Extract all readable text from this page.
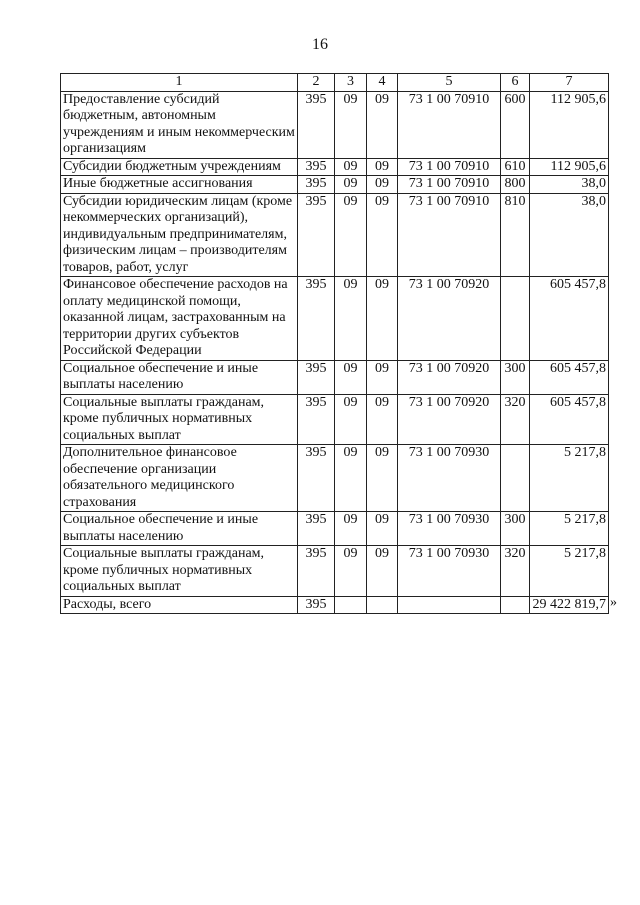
16
1	2	3	4	5	6	7
Предоставление субсидий бюджетным, автономным учреждениям и иным некоммерческим организациям	395	09	09	73 1 00 70910	600	112 905,6
Субсидии бюджетным учреждениям	395	09	09	73 1 00 70910	610	112 905,6
Иные бюджетные ассигнования	395	09	09	73 1 00 70910	800	38,0
Субсидии юридическим лицам (кроме некоммерческих организаций), индивидуальным предпринимателям, физическим лицам – производителям товаров, работ, услуг	395	09	09	73 1 00 70910	810	38,0
Финансовое обеспечение расходов на оплату медицинской помощи, оказанной лицам, застрахованным на территории других субъектов Российской Федерации	395	09	09	73 1 00 70920		605 457,8
Социальное обеспечение и иные выплаты населению	395	09	09	73 1 00 70920	300	605 457,8
Социальные выплаты гражданам, кроме публичных нормативных социальных выплат	395	09	09	73 1 00 70920	320	605 457,8
Дополнительное финансовое обеспечение организации обязательного медицинского страхования	395	09	09	73 1 00 70930		5 217,8
Социальное обеспечение и иные выплаты населению	395	09	09	73 1 00 70930	300	5 217,8
Социальные выплаты гражданам, кроме публичных нормативных социальных выплат	395	09	09	73 1 00 70930	320	5 217,8
Расходы, всего	395					29 422 819,7 »
